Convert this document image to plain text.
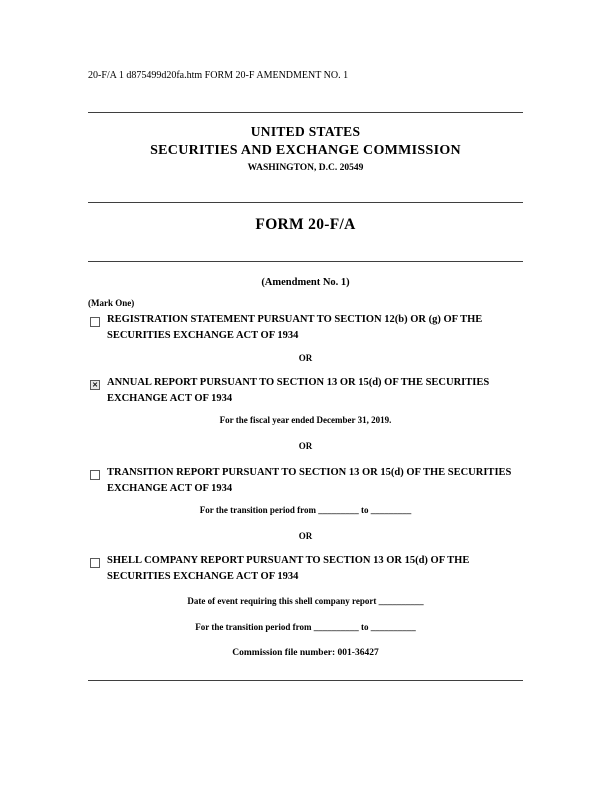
20-F/A 1 d875499d20fa.htm FORM 20-F AMENDMENT NO. 1
UNITED STATES
SECURITIES AND EXCHANGE COMMISSION
WASHINGTON, D.C. 20549
FORM 20-F/A
(Amendment No. 1)
(Mark One)
REGISTRATION STATEMENT PURSUANT TO SECTION 12(b) OR (g) OF THE SECURITIES EXCHANGE ACT OF 1934
OR
✕ ANNUAL REPORT PURSUANT TO SECTION 13 OR 15(d) OF THE SECURITIES EXCHANGE ACT OF 1934
For the fiscal year ended December 31, 2019.
OR
TRANSITION REPORT PURSUANT TO SECTION 13 OR 15(d) OF THE SECURITIES EXCHANGE ACT OF 1934
For the transition period from _________ to _________
OR
SHELL COMPANY REPORT PURSUANT TO SECTION 13 OR 15(d) OF THE SECURITIES EXCHANGE ACT OF 1934
Date of event requiring this shell company report __________
For the transition period from __________ to __________
Commission file number: 001-36427
